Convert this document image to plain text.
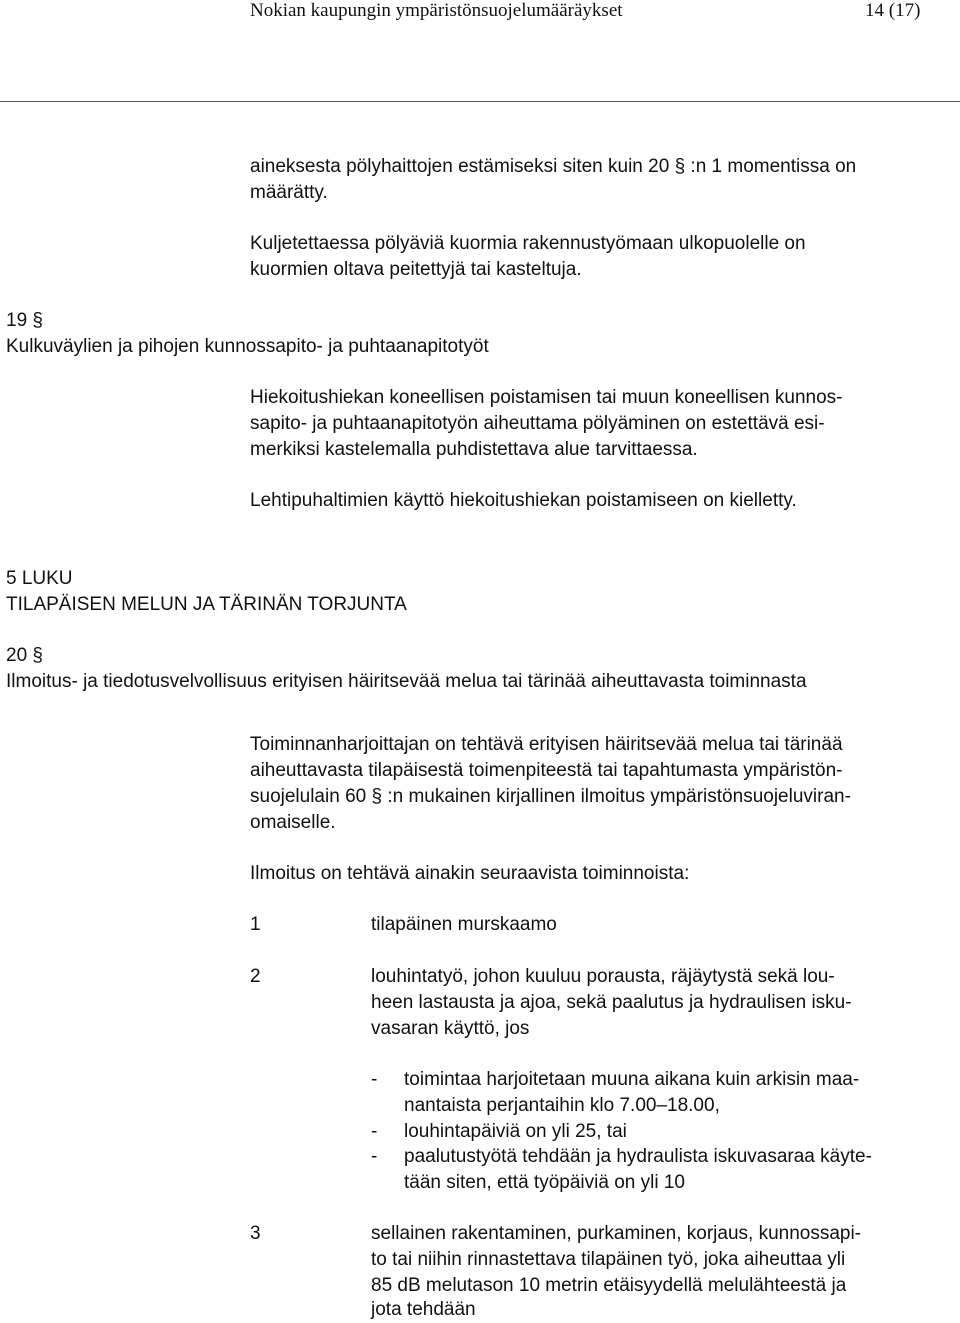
Nokian kaupungin ympäristönsuojelumääräykset	14 (17)
aineksesta pölyhaittojen estämiseksi siten kuin 20 § :n 1 momentissa on
määrätty.
Kuljetettaessa pölyäviä kuormia rakennustyömaan ulkopuolelle on
kuormien oltava peitettyjä tai kasteltuja.
19 §
Kulkuväylien ja pihojen kunnossapito- ja puhtaanapitotyöt
Hiekoitushiekan koneellisen poistamisen tai muun koneellisen kunnos-
sapito- ja puhtaanapitotyön aiheuttama pölyäminen on estettävä esi-
merkiksi kastelemalla puhdistettava alue tarvittaessa.
Lehtipuhaltimien käyttö hiekoitushiekan poistamiseen on kielletty.
5 LUKU
TILAPÄISEN MELUN JA TÄRINÄN TORJUNTA
20 §
Ilmoitus- ja tiedotusvelvollisuus erityisen häiritsevää melua tai tärinää aiheuttavasta toiminnasta
Toiminnanharjoittajan on tehtävä erityisen häiritsevää melua tai tärinää
aiheuttavasta tilapäisestä toimenpiteestä tai tapahtumasta ympäristön-
suojelulain 60 § :n mukainen kirjallinen ilmoitus ympäristönsuojeluviran-
omaiselle.
Ilmoitus on tehtävä ainakin seuraavista toiminnoista:
1	tilapäinen murskaamo
2	louhintatyö, johon kuuluu porausta, räjäytystä sekä lou-
heen lastausta ja ajoa, sekä paalutus ja hydraulisen isku-
vasaran käyttö, jos
- toimintaa harjoitetaan muuna aikana kuin arkisin maa-
nantaista perjantaihin klo 7.00–18.00,
- louhintapäiviä on yli 25, tai
- paalutustyötä tehdään ja hydraulista iskuvasaraa käyte-
tään siten, että työpäiviä on yli 10
3	sellainen rakentaminen, purkaminen, korjaus, kunnossapi-
to tai niihin rinnastettava tilapäinen työ, joka aiheuttaa yli
85 dB melutason 10 metrin etäisyydellä melulähteestä ja
jota tehdään
